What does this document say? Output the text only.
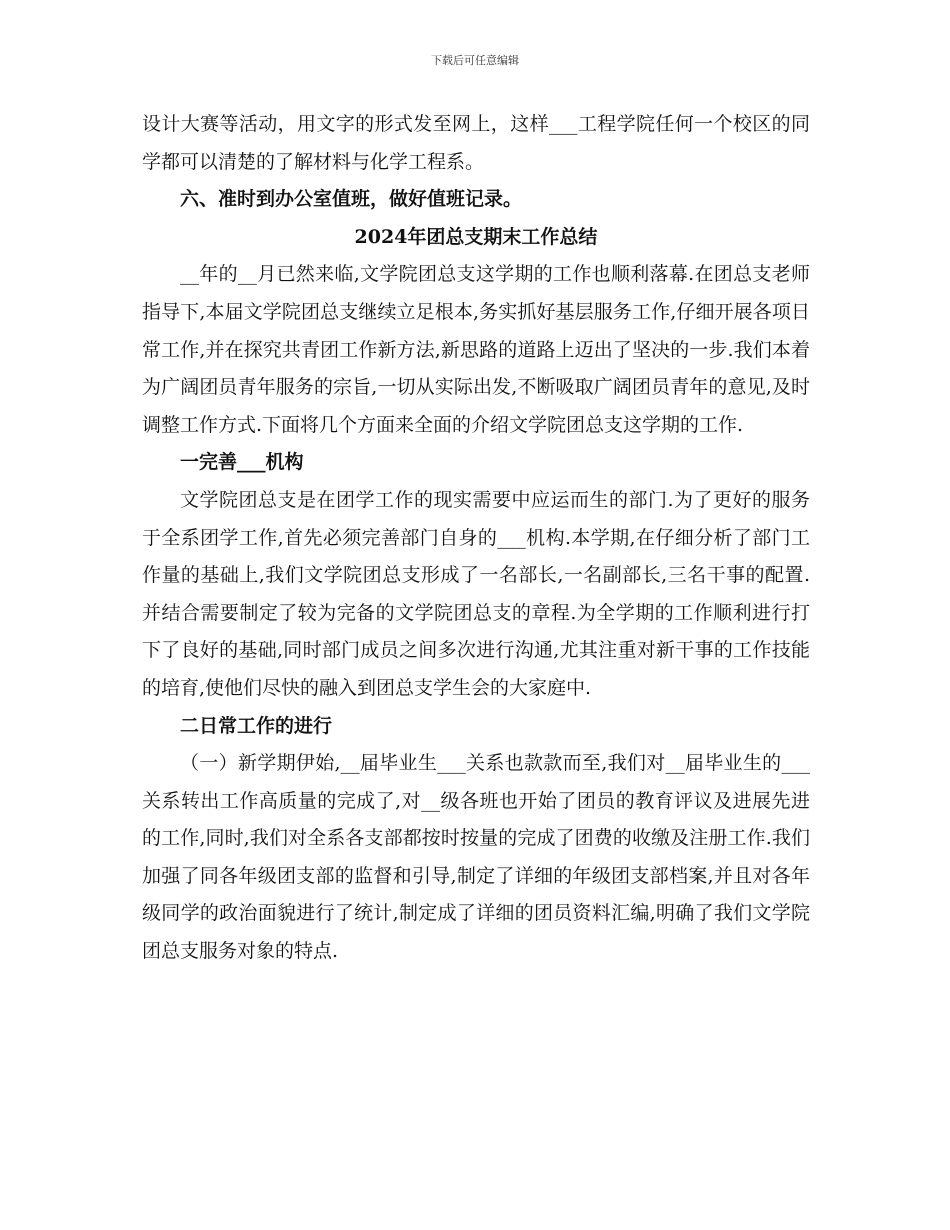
下载后可任意编辑

设计大赛等活动，用文字的形式发至网上，这样___工程学院任何一个校区的同学都可以清楚的了解材料与化学工程系。

六、准时到办公室值班，做好值班记录。

2024年团总支期末工作总结

__年的__月已然来临,文学院团总支这学期的工作也顺利落幕.在团总支老师指导下,本届文学院团总支继续立足根本,务实抓好基层服务工作,仔细开展各项日常工作,并在探究共青团工作新方法,新思路的道路上迈出了坚决的一步.我们本着为广阔团员青年服务的宗旨,一切从实际出发,不断吸取广阔团员青年的意见,及时调整工作方式.下面将几个方面来全面的介绍文学院团总支这学期的工作.

一完善___机构

文学院团总支是在团学工作的现实需要中应运而生的部门.为了更好的服务于全系团学工作,首先必须完善部门自身的___机构.本学期,在仔细分析了部门工作量的基础上,我们文学院团总支形成了一名部长,一名副部长,三名干事的配置.并结合需要制定了较为完备的文学院团总支的章程.为全学期的工作顺利进行打下了良好的基础,同时部门成员之间多次进行沟通,尤其注重对新干事的工作技能的培育,使他们尽快的融入到团总支学生会的大家庭中.

二日常工作的进行

（一）新学期伊始,__届毕业生___关系也款款而至,我们对__届毕业生的___关系转出工作高质量的完成了,对__级各班也开始了团员的教育评议及进展先进的工作,同时,我们对全系各支部都按时按量的完成了团费的收缴及注册工作.我们加强了同各年级团支部的监督和引导,制定了详细的年级团支部档案,并且对各年级同学的政治面貌进行了统计,制定成了详细的团员资料汇编,明确了我们文学院团总支服务对象的特点.
